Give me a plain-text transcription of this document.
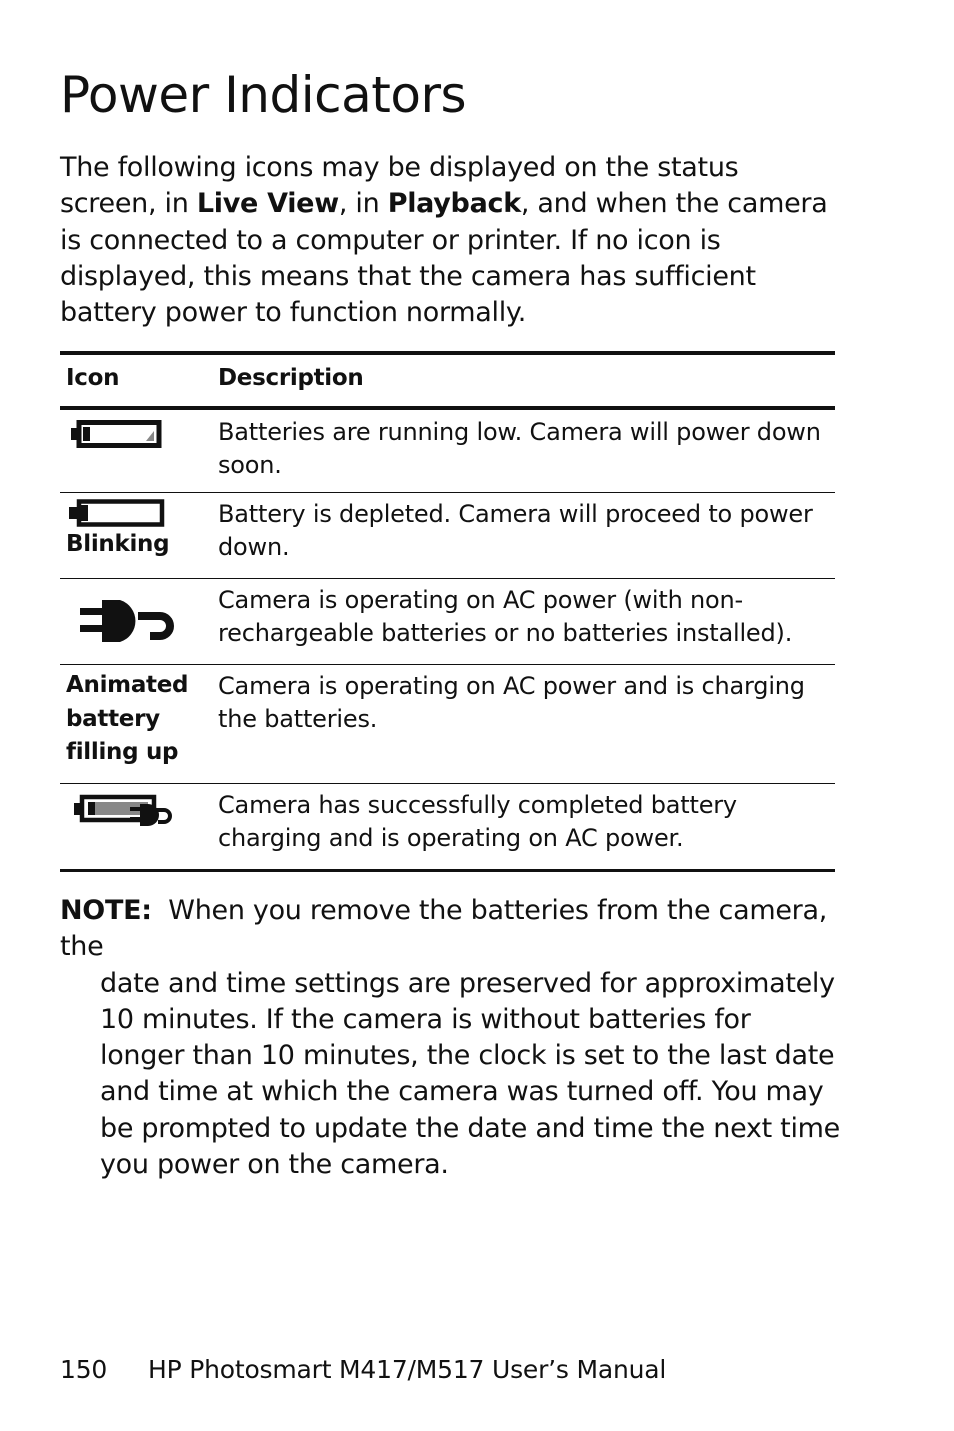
Power Indicators

The following icons may be displayed on the status screen, in Live View, in Playback, and when the camera is connected to a computer or printer. If no icon is displayed, this means that the camera has sufficient battery power to function normally.

Icon	Description
Batteries are running low. Camera will power down soon.
Blinking
Battery is depleted. Camera will proceed to power down.
Camera is operating on AC power (with non-rechargeable batteries or no batteries installed).
Animated battery filling up
Camera is operating on AC power and is charging the batteries.
Camera has successfully completed battery charging and is operating on AC power.

NOTE: When you remove the batteries from the camera, the
date and time settings are preserved for approximately 10 minutes. If the camera is without batteries for longer than 10 minutes, the clock is set to the last date and time at which the camera was turned off. You may be prompted to update the date and time the next time you power on the camera.

150 HP Photosmart M417/M517 User’s Manual
